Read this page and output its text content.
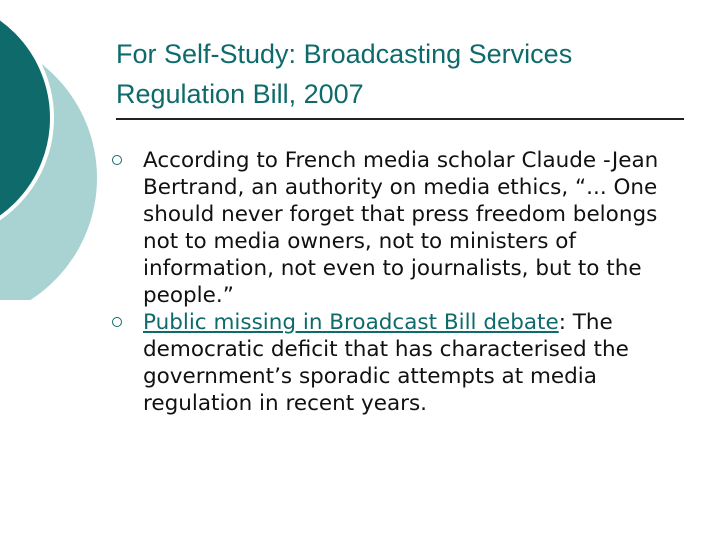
For Self-Study: Broadcasting Services
Regulation Bill, 2007
According to French media scholar Claude -Jean Bertrand, an authority on media ethics, “... One should never forget that press freedom belongs not to media owners, not to ministers of information, not even to journalists, but to the people.”
Public missing in Broadcast Bill debate: The democratic deficit that has characterised the government’s sporadic attempts at media regulation in recent years.
